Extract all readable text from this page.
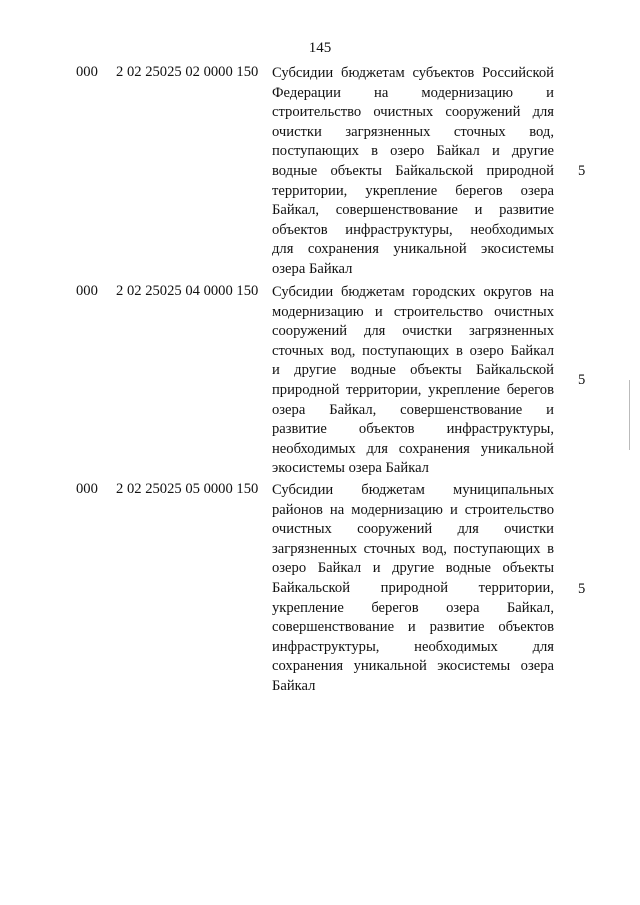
145
000 2 02 25025 02 0000 150 Субсидии бюджетам субъектов Российской
Федерации на модернизацию и
строительство очистных сооружений для
очистки загрязненных сточных вод,
поступающих в озеро Байкал и другие
водные объекты Байкальской природной
территории, укрепление берегов озера
Байкал, совершенствование и развитие
объектов инфраструктуры, необходимых
для сохранения уникальной экосистемы
озера Байкал
5
000 2 02 25025 04 0000 150 Субсидии бюджетам городских округов на
модернизацию и строительство очистных
сооружений для очистки загрязненных
сточных вод, поступающих в озеро Байкал
и другие водные объекты Байкальской
природной территории, укрепление берегов
озера Байкал, совершенствование и
развитие объектов инфраструктуры,
необходимых для сохранения уникальной
экосистемы озера Байкал
5
000 2 02 25025 05 0000 150 Субсидии бюджетам муниципальных
районов на модернизацию и строительство
очистных сооружений для очистки
загрязненных сточных вод, поступающих в
озеро Байкал и другие водные объекты
Байкальской природной территории,
укрепление берегов озера Байкал,
совершенствование и развитие объектов
инфраструктуры, необходимых для
сохранения уникальной экосистемы озера
Байкал
5
